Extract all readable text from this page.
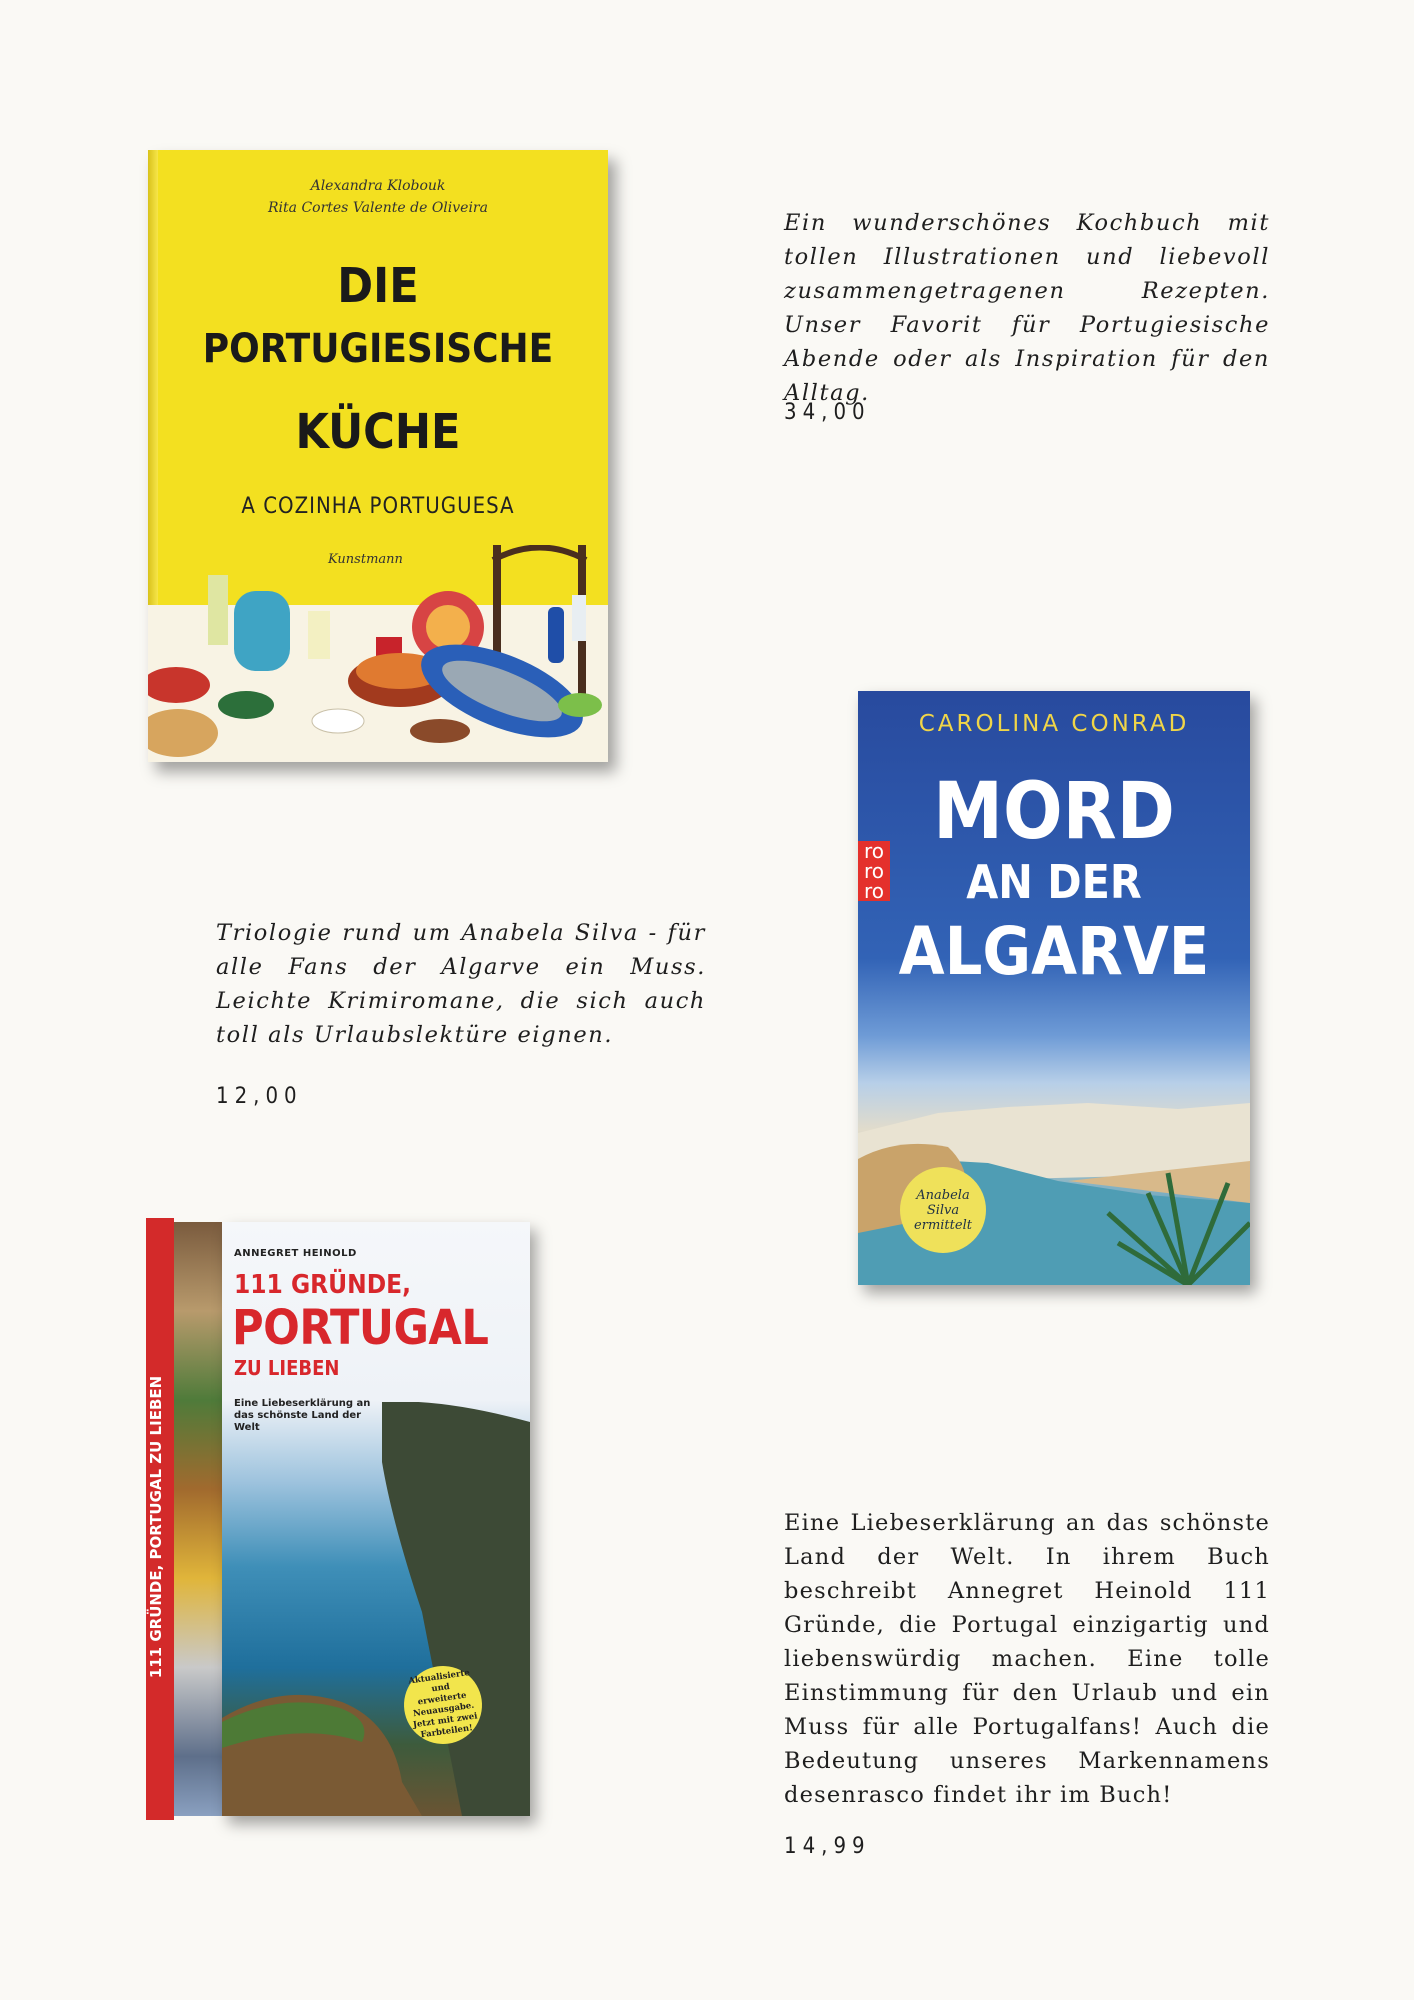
Alexandra Klobouk
Rita Cortes Valente de Oliveira
DIE
PORTUGIESISCHE
KÜCHE
A COZINHA PORTUGUESA
Kunstmann

Ein wunderschönes Kochbuch mit tollen Illustrationen und liebevoll zusammengetragenen Rezepten. Unser Favorit für Portugiesische Abende oder als Inspiration für den Alltag.

34,00

Triologie rund um Anabela Silva - für alle Fans der Algarve ein Muss. Leichte Krimiromane, die sich auch toll als Urlaubslektüre eignen.

12,00

CAROLINA CONRAD
MORD
AN DER
ALGARVE
ro
ro
ro
Anabela Silva ermittelt
111 GRÜNDE, PORTUGAL ZU LIEBEN
ANNEGRET HEINOLD
111 GRÜNDE,
PORTUGAL
ZU LIEBEN
Eine Liebeserklärung an das schönste Land der Welt
Aktualisierte und erweiterte Neuausgabe. Jetzt mit zwei Farbteilen!

Eine Liebeserklärung an das schönste Land der Welt. In ihrem Buch beschreibt Annegret Heinold 111 Gründe, die Portugal einzigartig und liebenswürdig machen. Eine tolle Einstimmung für den Urlaub und ein Muss für alle Portugalfans! Auch die Bedeutung unseres Markennamens desenrasco findet ihr im Buch!

14,99
